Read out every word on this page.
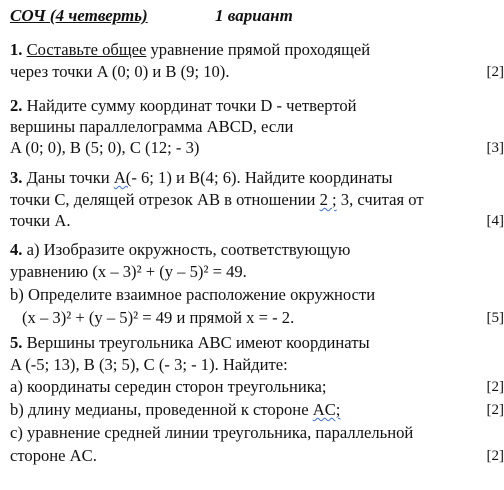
СОЧ (4 четверть)	1 вариант
1. Составьте общее уравнение прямой проходящей
через точки A (0; 0) и B (9; 10).	[2]
2. Найдите сумму координат точки D - четвертой
вершины параллелограмма ABCD, если
A (0; 0), B (5; 0), C (12; - 3)	[3]
3. Даны точки A(- 6; 1) и B(4; 6). Найдите координаты
точки C, делящей отрезок AB в отношении 2 ; 3, считая от
точки A.	[4]
4. a) Изобразите окружность, соответствующую
уравнению (x – 3)² + (y – 5)² = 49.
b) Определите взаимное расположение окружности
(x – 3)² + (y – 5)² = 49 и прямой x = - 2.	[5]
5. Вершины треугольника ABC имеют координаты
A (-5; 13), B (3; 5), C (- 3; - 1). Найдите:
a) координаты середин сторон треугольника;	[2]
b) длину медианы, проведенной к стороне AC;	[2]
c) уравнение средней линии треугольника, параллельной
стороне AC.	[2]
